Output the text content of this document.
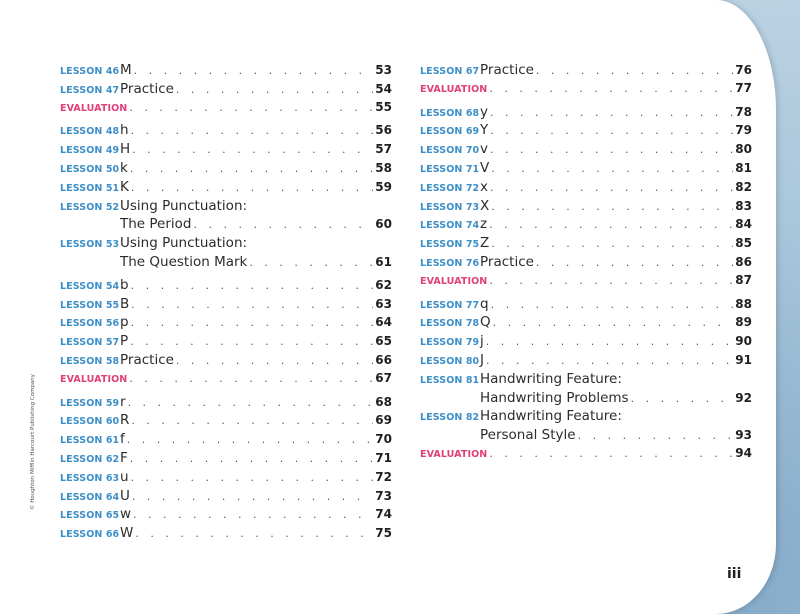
LESSON 46 M . . .	53
LESSON 47 Practice . . .	54
EVALUATION . . .	55
LESSON 48 h . . .	56
LESSON 49 H . . .	57
LESSON 50 k . . .	58
LESSON 51 K . . .	59
LESSON 52 Using Punctuation:
The Period . . .	60
LESSON 53 Using Punctuation:
The Question Mark . . .	61
LESSON 54 b . . .	62
LESSON 55 B . . .	63
LESSON 56 p . . .	64
LESSON 57 P . . .	65
LESSON 58 Practice . . .	66
EVALUATION . . .	67
LESSON 59 r . . .	68
LESSON 60 R . . .	69
LESSON 61 f . . .	70
LESSON 62 F . . .	71
LESSON 63 u . . .	72
LESSON 64 U . . .	73
LESSON 65 w . . .	74
LESSON 66 W . . .	75
LESSON 67 Practice . . .	76
EVALUATION . . .	77
LESSON 68 y . . .	78
LESSON 69 Y . . .	79
LESSON 70 v . . .	80
LESSON 71 V . . .	81
LESSON 72 x . . .	82
LESSON 73 X . . .	83
LESSON 74 z . . .	84
LESSON 75 Z . . .	85
LESSON 76 Practice . . .	86
EVALUATION . . .	87
LESSON 77 q . . .	88
LESSON 78 Q . . .	89
LESSON 79 j . . .	90
LESSON 80 J . . .	91
LESSON 81 Handwriting Feature:
Handwriting Problems . . .	92
LESSON 82 Handwriting Feature:
Personal Style . . .	93
EVALUATION . . .	94
© Houghton Mifflin Harcourt Publishing Company
iii
